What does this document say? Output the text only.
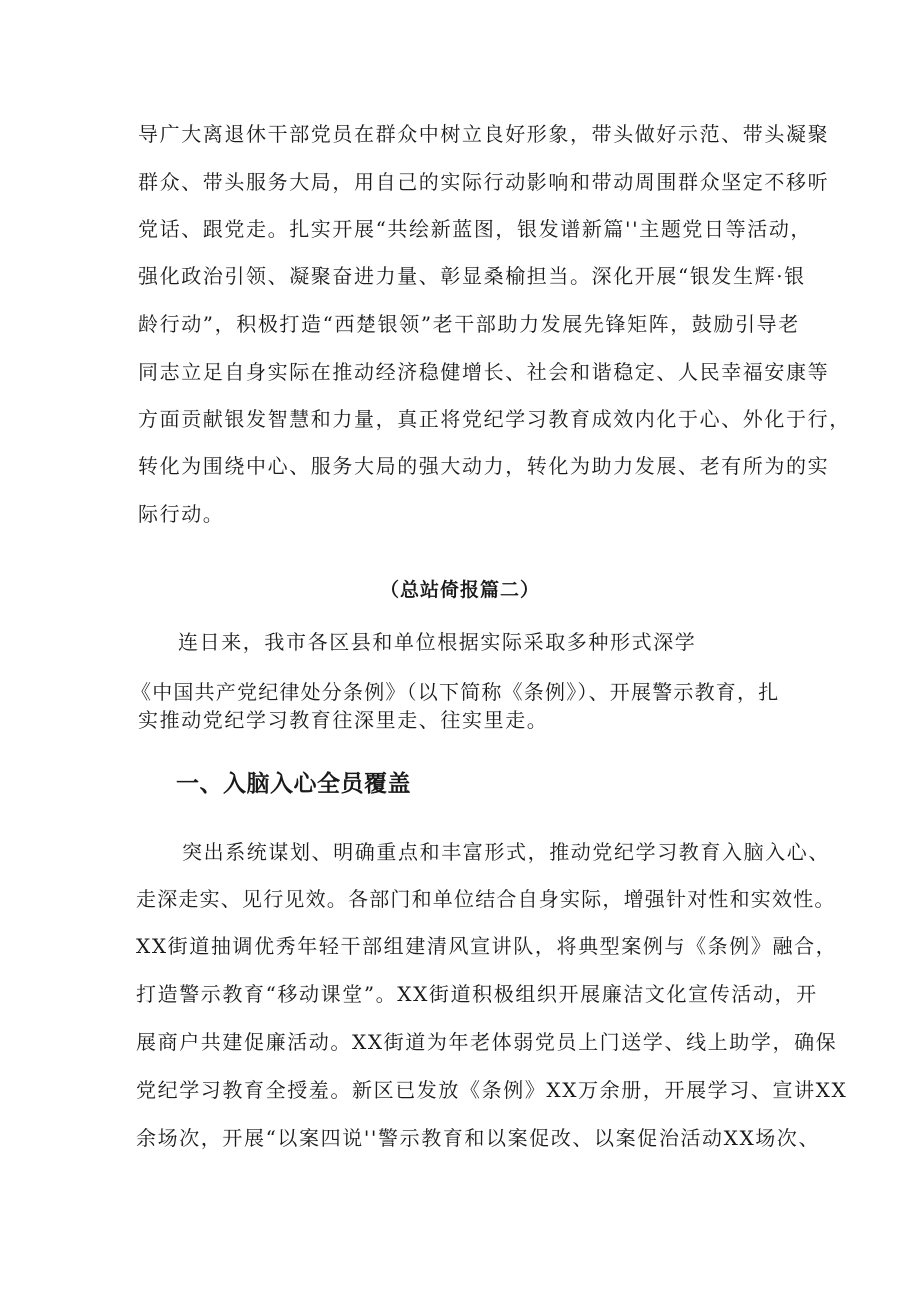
导广大离退休干部党员在群众中树立良好形象，带头做好示范、带头凝聚
群众、带头服务大局，用自己的实际行动影响和带动周围群众坚定不移听
党话、跟党走。扎实开展“共绘新蓝图，银发谱新篇''主题党日等活动，
强化政治引领、凝聚奋进力量、彰显桑榆担当。深化开展“银发生辉·银
龄行动”，积极打造“西楚银领”老干部助力发展先锋矩阵，鼓励引导老
同志立足自身实际在推动经济稳健增长、社会和谐稳定、人民幸福安康等
方面贡献银发智慧和力量，真正将党纪学习教育成效内化于心、外化于行，
转化为围绕中心、服务大局的强大动力，转化为助力发展、老有所为的实
际行动。
（总站倚报篇二）
连日来，我市各区县和单位根据实际采取多种形式深学
《中国共产党纪律处分条例》（以下简称《条例》）、开展警示教育，扎
实推动党纪学习教育往深里走、往实里走。
一、入脑入心全员覆盖
突出系统谋划、明确重点和丰富形式，推动党纪学习教育入脑入心、
走深走实、见行见效。各部门和单位结合自身实际，增强针对性和实效性。
XX街道抽调优秀年轻干部组建清风宣讲队，将典型案例与《条例》融合，
打造警示教育“移动课堂”。XX街道积极组织开展廉洁文化宣传活动，开
展商户共建促廉活动。XX街道为年老体弱党员上门送学、线上助学，确保
党纪学习教育全授羞。新区已发放《条例》XX万余册，开展学习、宣讲XX
余场次，开展“以案四说''警示教育和以案促改、以案促治活动XX场次、
